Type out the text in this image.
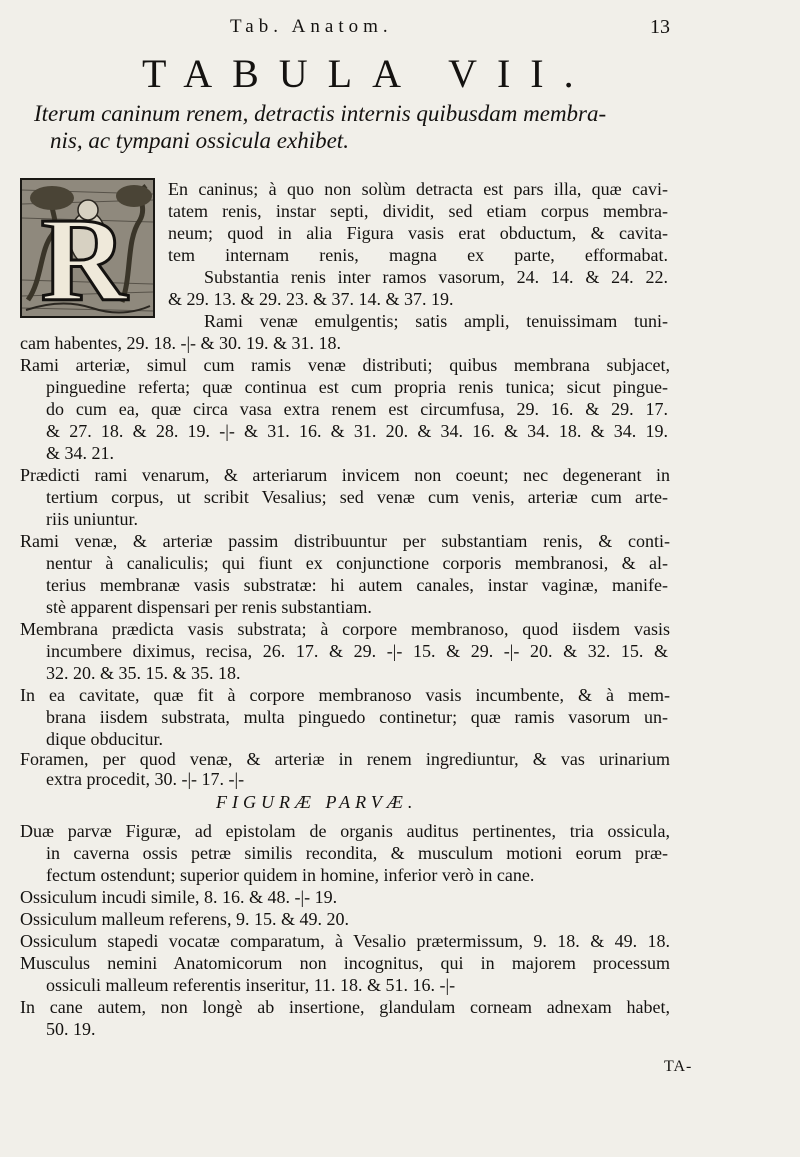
Tab. Anatom.	13
TABULA VII.
Iterum caninum renem, detractis internis quibusdam membra-
nis, ac tympani ossicula exhibet.
R
En caninus; à quo non solùm detracta est pars illa, quæ cavi-
tatem renis, instar septi, dividit, sed etiam corpus membra-
neum; quod in alia Figura vasis erat obductum, & cavita-
tem internam renis, magna ex parte, efformabat.
Substantia renis inter ramos vasorum, 24. 14. & 24. 22.
& 29. 13. & 29. 23. & 37. 14. & 37. 19.
Rami venæ emulgentis; satis ampli, tenuissimam tuni-
cam habentes, 29. 18. -|- & 30. 19. & 31. 18.
Rami arteriæ, simul cum ramis venæ distributi; quibus membrana subjacet,
pinguedine referta; quæ continua est cum propria renis tunica; sicut pingue-
do cum ea, quæ circa vasa extra renem est circumfusa, 29. 16. & 29. 17.
& 27. 18. & 28. 19. -|- & 31. 16. & 31. 20. & 34. 16. & 34. 18. & 34. 19.
& 34. 21.
Prædicti rami venarum, & arteriarum invicem non coeunt; nec degenerant in
tertium corpus, ut scribit Vesalius; sed venæ cum venis, arteriæ cum arte-
riis uniuntur.
Rami venæ, & arteriæ passim distribuuntur per substantiam renis, & conti-
nentur à canaliculis; qui fiunt ex conjunctione corporis membranosi, & al-
terius membranæ vasis substratæ: hi autem canales, instar vaginæ, manife-
stè apparent dispensari per renis substantiam.
Membrana prædicta vasis substrata; à corpore membranoso, quod iisdem vasis
incumbere diximus, recisa, 26. 17. & 29. -|- 15. & 29. -|- 20. & 32. 15. &
32. 20. & 35. 15. & 35. 18.
In ea cavitate, quæ fit à corpore membranoso vasis incumbente, & à mem-
brana iisdem substrata, multa pinguedo continetur; quæ ramis vasorum un-
dique obducitur.
Foramen, per quod venæ, & arteriæ in renem ingrediuntur, & vas urinarium
extra procedit, 30. -|- 17. -|-
FIGURÆ PARVÆ.
Duæ parvæ Figuræ, ad epistolam de organis auditus pertinentes, tria ossicula,
in caverna ossis petræ similis recondita, & musculum motioni eorum præ-
fectum ostendunt; superior quidem in homine, inferior verò in cane.
Ossiculum incudi simile, 8. 16. & 48. -|- 19.
Ossiculum malleum referens, 9. 15. & 49. 20.
Ossiculum stapedi vocatæ comparatum, à Vesalio prætermissum, 9. 18. & 49. 18.
Musculus nemini Anatomicorum non incognitus, qui in majorem processum
ossiculi malleum referentis inseritur, 11. 18. & 51. 16. -|-
In cane autem, non longè ab insertione, glandulam corneam adnexam habet,
50. 19.
TA-
